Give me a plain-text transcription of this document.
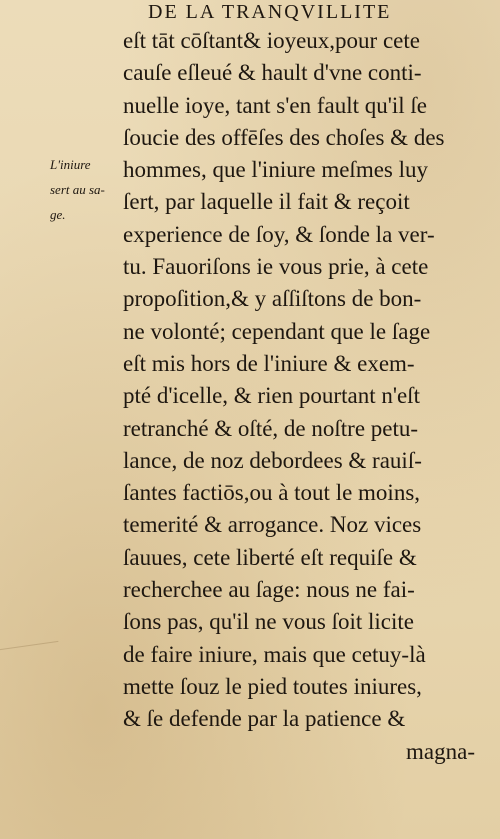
DE LA TRANQVILLITE
L'iniure
sert au sa-
ge.
eſt tāt cōſtant& ioyeux,pour cete
cauſe eſleué & hault d'vne conti-
nuelle ioye, tant s'en fault qu'il ſe
ſoucie des offēſes des choſes & des
hommes, que l'iniure meſmes luy
ſert, par laquelle il fait & reçoit
experience de ſoy, & ſonde la ver-
tu. Fauoriſons ie vous prie, à cete
propoſition,& y aſſiſtons de bon-
ne volonté; cependant que le ſage
eſt mis hors de l'iniure & exem-
pté d'icelle, & rien pourtant n'eſt
retranché & oſté, de noſtre petu-
lance, de noz debordees & rauiſ-
ſantes factiōs,ou à tout le moins,
temerité & arrogance. Noz vices
ſauues, cete liberté eſt requiſe &
recherchee au ſage: nous ne fai-
ſons pas, qu'il ne vous ſoit licite
de faire iniure, mais que cetuy-là
mette ſouz le pied toutes iniures,
& ſe defende par la patience &
magna-
